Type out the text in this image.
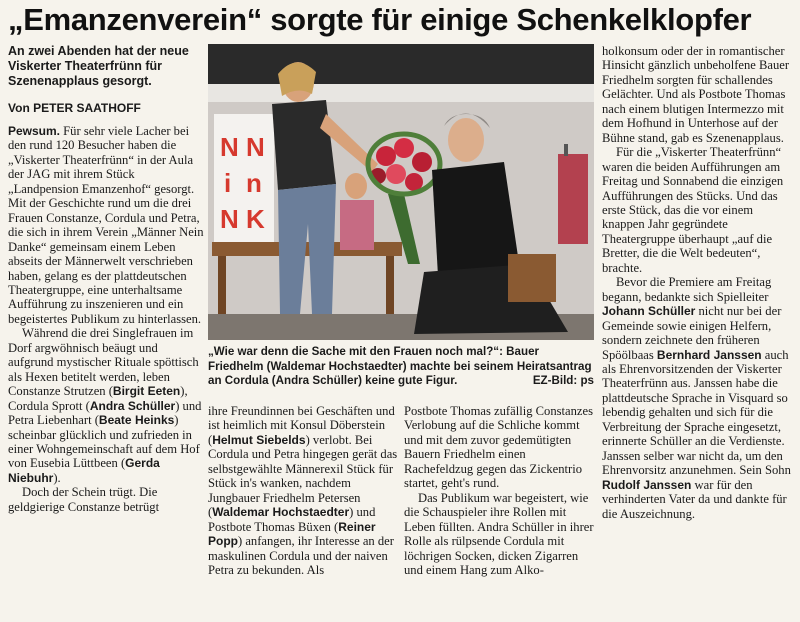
„Emanzenverein“ sorgte für einige Schenkelklopfer
An zwei Abenden hat der neue Viskerter Theaterfrünn für Szenenapplaus gesorgt.
Von PETER SAATHOFF

Pewsum. Für sehr viele Lacher bei den rund 120 Besucher haben die „Viskerter Theaterfrünn“ in der Aula der JAG mit ihrem Stück „Landpension Emanzenhof“ gesorgt. Mit der Geschichte rund um die drei Frauen Constanze, Cordula und Petra, die sich in ihrem Verein „Männer Nein Danke“ gemeinsam einem Leben abseits der Männerwelt verschrieben haben, gelang es der plattdeutschen Theatergruppe, eine unterhaltsame Aufführung zu inszenieren und ein begeistertes Publikum zu hinterlassen.

Während die drei Singlefrauen im Dorf argwöhnisch beäugt und aufgrund mystischer Rituale spöttisch als Hexen betitelt werden, leben Constanze Strutzen (Birgit Eeten), Cordula Sprott (Andra Schüller) und Petra Liebenhart (Beate Heinks) scheinbar glücklich und zufrieden in einer Wohngemeinschaft auf dem Hof von Eusebia Lüttbeen (Gerda Niebuhr).

Doch der Schein trügt. Die geldgierige Constanze betrügt

N N
i n
N K
„Wie war denn die Sache mit den Frauen noch mal?“: Bauer Friedhelm (Waldemar Hochstaedter) machte bei seinem Heiratsantrag an Cordula (Andra Schüller) keine gute Figur.	EZ-Bild: ps

ihre Freundinnen bei Geschäften und ist heimlich mit Konsul Döberstein (Helmut Siebelds) verlobt. Bei Cordula und Petra hingegen gerät das selbstgewählte Männerexil Stück für Stück in's wanken, nachdem Jungbauer Friedhelm Petersen (Waldemar Hochstaedter) und Postbote Thomas Büxen (Reiner Popp) anfangen, ihr Interesse an der maskulinen Cordula und der naiven Petra zu bekunden. Als

Postbote Thomas zufällig Constanzes Verlobung auf die Schliche kommt und mit dem zuvor gedemütigten Bauern Friedhelm einen Rachefeldzug gegen das Zickentrio startet, geht's rund.

Das Publikum war begeistert, wie die Schauspieler ihre Rollen mit Leben füllten. Andra Schüller in ihrer Rolle als rülpsende Cordula mit löchrigen Socken, dicken Zigarren und einem Hang zum Alko-

holkonsum oder der in romantischer Hinsicht gänzlich unbeholfene Bauer Friedhelm sorgten für schallendes Gelächter. Und als Postbote Thomas nach einem blutigen Intermezzo mit dem Hofhund in Unterhose auf der Bühne stand, gab es Szenenapplaus.

Für die „Viskerter Theaterfrünn“ waren die beiden Aufführungen am Freitag und Sonnabend die einzigen Aufführungen des Stücks. Und das erste Stück, das die vor einem knappen Jahr gegründete Theatergruppe überhaupt „auf die Bretter, die die Welt bedeuten“, brachte.

Bevor die Premiere am Freitag begann, bedankte sich Spielleiter Johann Schüller nicht nur bei der Gemeinde sowie einigen Helfern, sondern zeichnete den früheren Spöölbaas Bernhard Janssen auch als Ehrenvorsitzenden der Viskerter Theaterfrünn aus. Janssen habe die plattdeutsche Sprache in Visquard so lebendig gehalten und sich für die Verbreitung der Sprache eingesetzt, erinnerte Schüller an die Verdienste. Janssen selber war nicht da, um den Ehrenvorsitz anzunehmen. Sein Sohn Rudolf Janssen war für den verhinderten Vater da und dankte für die Auszeichnung.
